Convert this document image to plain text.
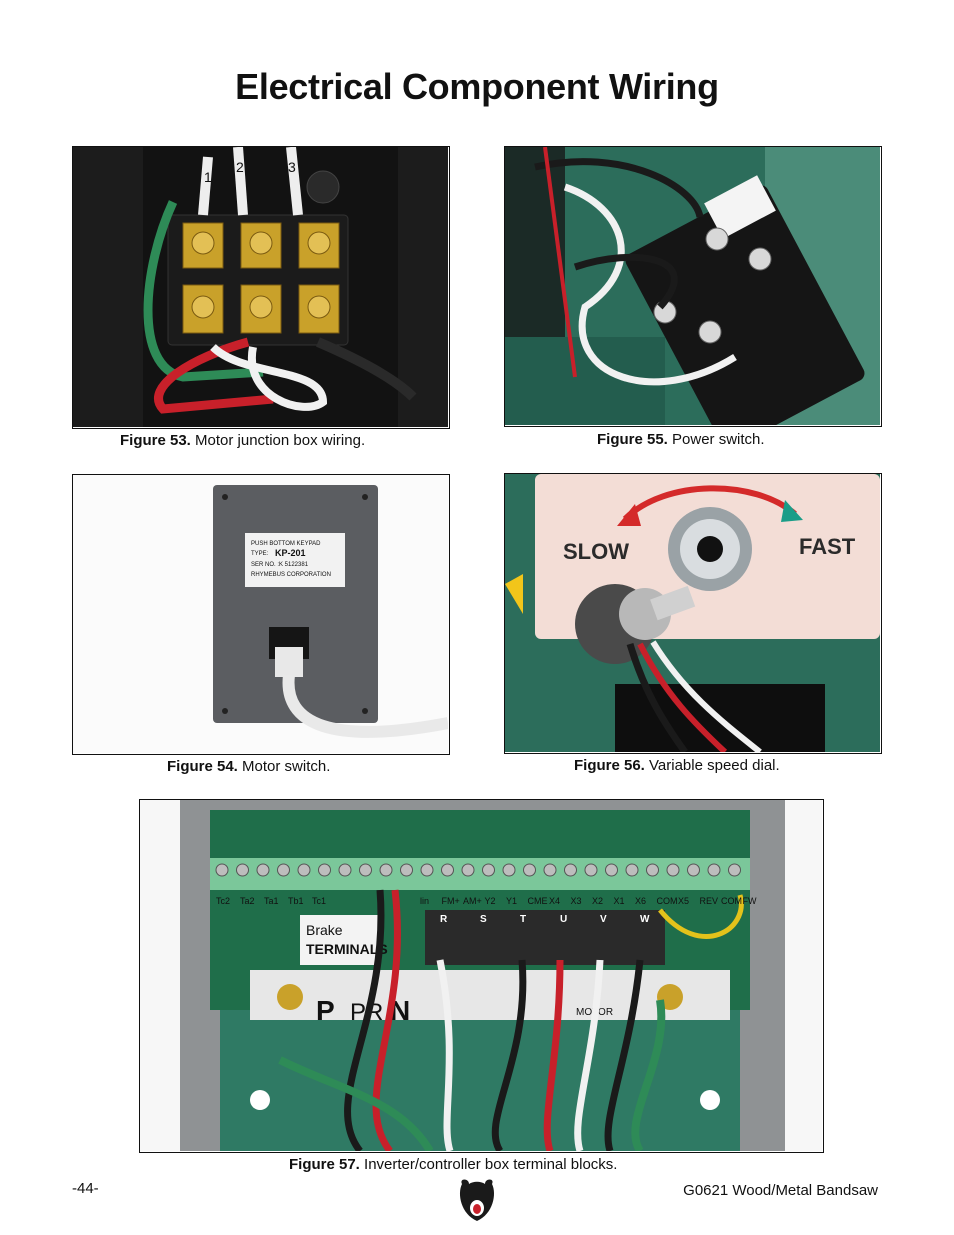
Electrical Component Wiring
1
2	3
Figure 53. Motor junction box wiring.	Figure 55. Power switch.
PUSH BOTTOM KEYPAD
TYPE: KP-201
SER NO. :K 5122381
RHYMEBUS CORPORATION
Figure 54. Motor switch.
SLOW	FAST
Figure 56. Variable speed dial.
Brake
TERMINALS
P PR N	MOTOR
Tc2 Ta2 Ta1 Tb1 Tc1	lin FM+ AM+ Y2 Y1 CME X4 X3 X2 X1 X6 COM X5 REV COM FW
R	S	T	U	V	W
Figure 57. Inverter/controller box terminal blocks.
-44-	G0621 Wood/Metal Bandsaw
